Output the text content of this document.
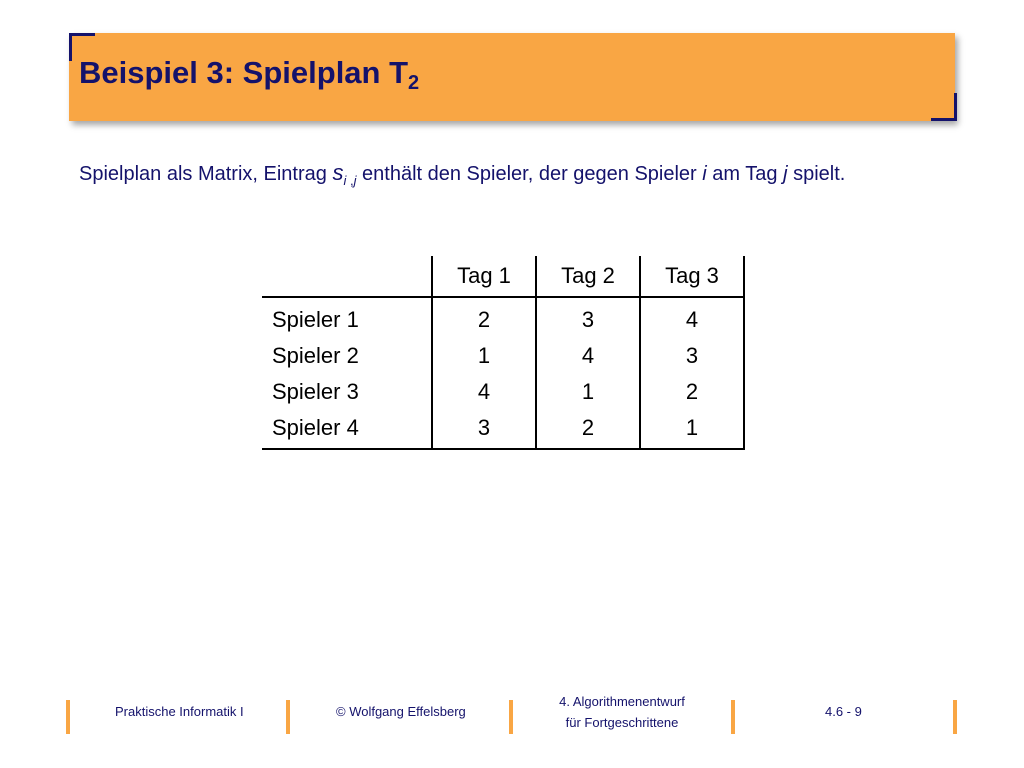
Beispiel 3: Spielplan $T_2$
Spielplan als Matrix, Eintrag $s_{i ,j}$ enthält den Spieler, der gegen Spieler i am Tag j spielt.
	Tag 1	Tag 2	Tag 3
Spieler 1	2	3	4
Spieler 2	1	4	3
Spieler 3	4	1	2
Spieler 4	3	2	1
Praktische Informatik I	© Wolfgang Effelsberg
4. Algorithmenentwurf
für Fortgeschrittene
4.6 - 9
